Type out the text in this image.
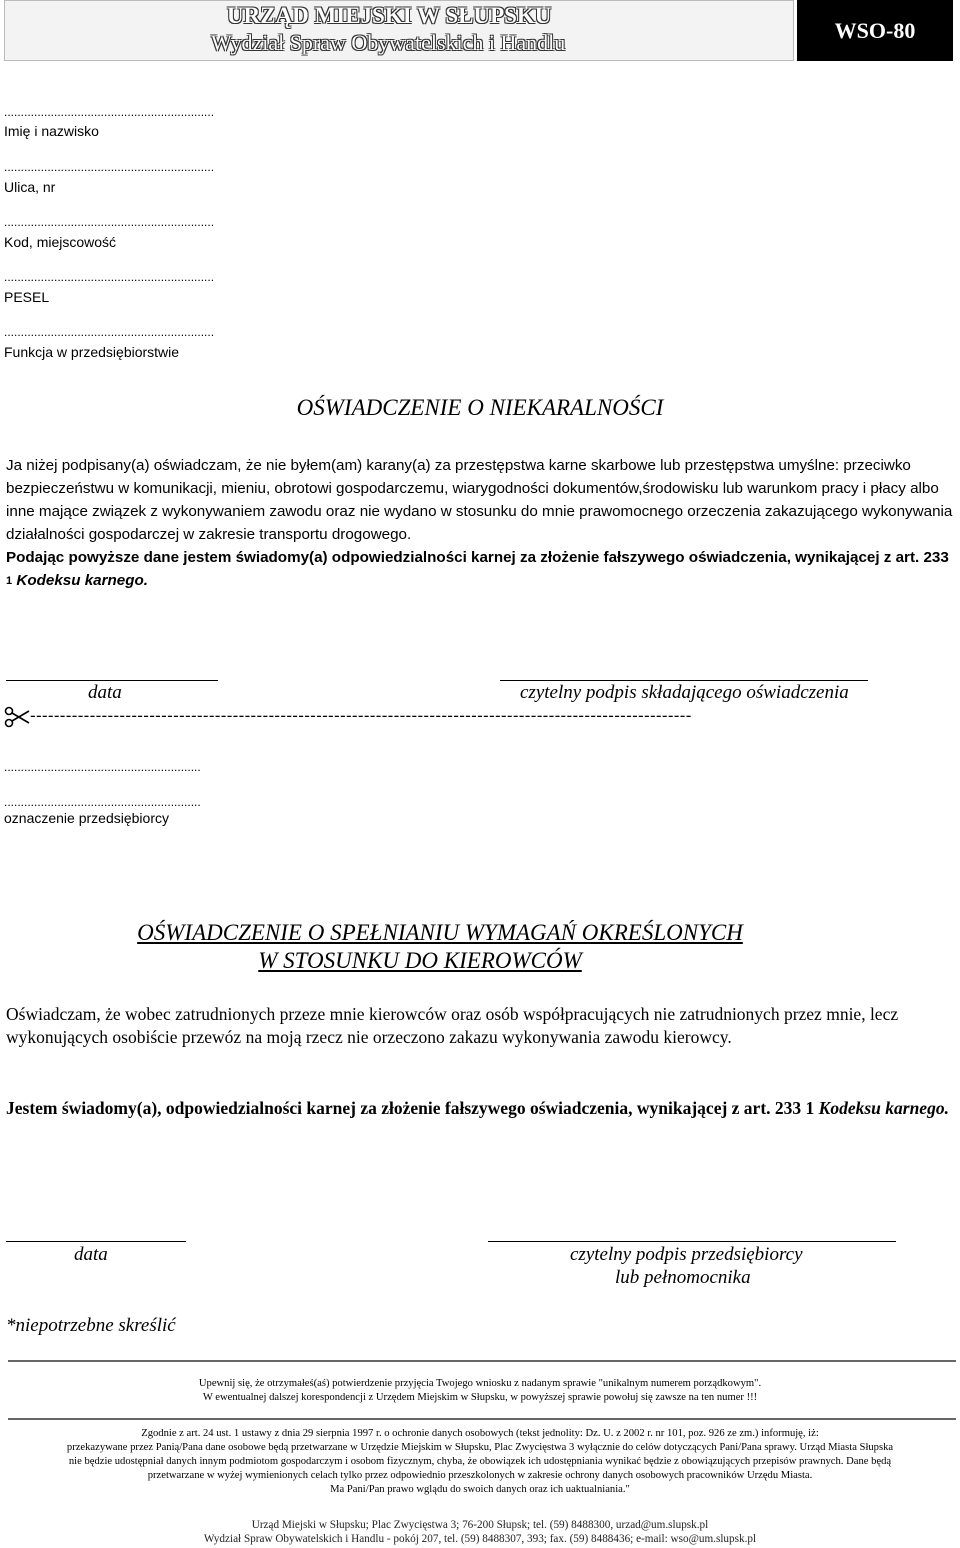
URZĄD MIEJSKI W SŁUPSKU
Wydział Spraw Obywatelskich i Handlu	WSO-80
...............................................................
Imię i nazwisko
...............................................................
Ulica, nr
...............................................................
Kod, miejscowość
...............................................................
PESEL
...............................................................
Funkcja w przedsiębiorstwie
OŚWIADCZENIE O NIEKARALNOŚCI
Ja niżej podpisany(a) oświadczam, że nie byłem(am) karany(a) za przestępstwa karne skarbowe lub przestępstwa umyślne: przeciwko bezpieczeństwu w komunikacji, mieniu, obrotowi gospodarczemu, wiarygodności dokumentów,środowisku lub warunkom pracy i płacy albo inne mające związek z wykonywaniem zawodu oraz nie wydano w stosunku do mnie prawomocnego orzeczenia zakazującego wykonywania działalności gospodarczej w zakresie transportu drogowego.
Podając powyższe dane jestem świadomy(a) odpowiedzialności karnej za złożenie fałszywego oświadczenia, wynikającej z art. 233 1 Kodeksu karnego.
data	czytelny podpis składającego oświadczenia
---------------------------------------------------------------------------------------------------------------
...........................................................
...........................................................
oznaczenie przedsiębiorcy
OŚWIADCZENIE O SPEŁNIANIU WYMAGAŃ OKREŚLONYCH
W STOSUNKU DO KIEROWCÓW
Oświadczam, że wobec zatrudnionych przeze mnie kierowców oraz osób współpracujących nie zatrudnionych przez mnie, lecz wykonujących osobiście przewóz na moją rzecz nie orzeczono zakazu wykonywania zawodu kierowcy.
Jestem świadomy(a), odpowiedzialności karnej za złożenie fałszywego oświadczenia, wynikającej z art. 233 1 Kodeksu karnego.
data	czytelny podpis przedsiębiorcy
lub pełnomocnika
*niepotrzebne skreślić
Upewnij się, że otrzymałeś(aś) potwierdzenie przyjęcia Twojego wniosku z nadanym sprawie "unikalnym numerem porządkowym".
W ewentualnej dalszej korespondencji z Urzędem Miejskim w Słupsku, w powyższej sprawie powołuj się zawsze na ten numer !!!
Zgodnie z art. 24 ust. 1 ustawy z dnia 29 sierpnia 1997 r. o ochronie danych osobowych (tekst jednolity: Dz. U. z 2002 r. nr 101, poz. 926 ze zm.) informuję, iż:
przekazywane przez Panią/Pana dane osobowe będą przetwarzane w Urzędzie Miejskim w Słupsku, Plac Zwycięstwa 3 wyłącznie do celów dotyczących Pani/Pana sprawy. Urząd Miasta Słupska
nie będzie udostępniał danych innym podmiotom gospodarczym i osobom fizycznym, chyba, że obowiązek ich udostępniania wynikać będzie z obowiązujących przepisów prawnych. Dane będą
przetwarzane w wyżej wymienionych celach tylko przez odpowiednio przeszkolonych w zakresie ochrony danych osobowych pracowników Urzędu Miasta.
Ma Pani/Pan prawo wglądu do swoich danych oraz ich uaktualniania."
Urząd Miejski w Słupsku; Plac Zwycięstwa 3; 76-200 Słupsk; tel. (59) 8488300, urzad@um.slupsk.pl
Wydział Spraw Obywatelskich i Handlu - pokój 207, tel. (59) 8488307, 393; fax. (59) 8488436; e-mail: wso@um.slupsk.pl
